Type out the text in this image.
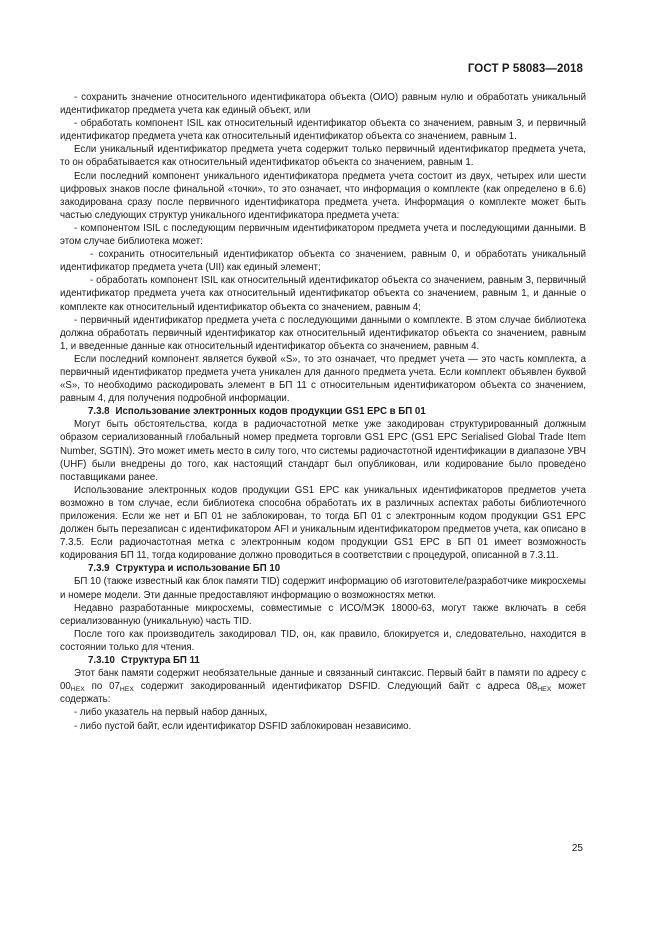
ГОСТ Р 58083—2018

- сохранить значение относительного идентификатора объекта (ОИО) равным нулю и обработать уникальный идентификатор предмета учета как единый объект, или

- обработать компонент ISIL как относительный идентификатор объекта со значением, равным 3, и первичный идентификатор предмета учета как относительный идентификатор объекта со значением, равным 1.

Если уникальный идентификатор предмета учета содержит только первичный идентификатор предмета учета, то он обрабатывается как относительный идентификатор объекта со значением, равным 1.

Если последний компонент уникального идентификатора предмета учета состоит из двух, четырех или шести цифровых знаков после финальной «точки», то это означает, что информация о комплекте (как определено в 6.6) закодирована сразу после первичного идентификатора предмета учета. Информация о комплекте может быть частью следующих структур уникального идентификатора предмета учета:

- компонентом ISIL с последующим первичным идентификатором предмета учета и последующими данными. В этом случае библиотека может:

- сохранить относительный идентификатор объекта со значением, равным 0, и обработать уникальный идентификатор предмета учета (UII) как единый элемент;

- обработать компонент ISIL как относительный идентификатор объекта со значением, равным 3, первичный идентификатор предмета учета как относительный идентификатор объекта со значением, равным 1, и данные о комплекте как относительный идентификатор объекта со значением, равным 4;

- первичный идентификатор предмета учета с последующими данными о комплекте. В этом случае библиотека должна обработать первичный идентификатор как относительный идентификатор объекта со значением, равным 1, и введенные данные как относительный идентификатор объекта со значением, равным 4.

Если последний компонент является буквой «S», то это означает, что предмет учета — это часть комплекта, а первичный идентификатор предмета учета уникален для данного предмета учета. Если комплект объявлен буквой «S», то необходимо раскодировать элемент в БП 11 с относительным идентификатором объекта со значением, равным 4, для получения подробной информации.

7.3.8 Использование электронных кодов продукции GS1 EPC в БП 01

Могут быть обстоятельства, когда в радиочастотной метке уже закодирован структурированный должным образом сериализованный глобальный номер предмета торговли GS1 EPC (GS1 EPC Serialised Global Trade Item Number, SGTIN). Это может иметь место в силу того, что системы радиочастотной идентификации в диапазоне УВЧ (UHF) были внедрены до того, как настоящий стандарт был опубликован, или кодирование было проведено поставщиками ранее.

Использование электронных кодов продукции GS1 EPC как уникальных идентификаторов предметов учета возможно в том случае, если библиотека способна обработать их в различных аспектах работы библиотечного приложения. Если же нет и БП 01 не заблокирован, то тогда БП 01 с электронным кодом продукции GS1 EPC должен быть перезаписан с идентификатором AFI и уникальным идентификатором предметов учета, как описано в 7.3.5. Если радиочастотная метка с электронным кодом продукции GS1 EPC в БП 01 имеет возможность кодирования БП 11, тогда кодирование должно проводиться в соответствии с процедурой, описанной в 7.3.11.

7.3.9 Структура и использование БП 10

БП 10 (также известный как блок памяти TID) содержит информацию об изготовителе/разработчике микросхемы и номере модели. Эти данные предоставляют информацию о возможностях метки.

Недавно разработанные микросхемы, совместимые с ИСО/МЭК 18000-63, могут также включать в себя сериализованную (уникальную) часть TID.

После того как производитель закодировал TID, он, как правило, блокируется и, следовательно, находится в состоянии только для чтения.

7.3.10 Структура БП 11

Этот банк памяти содержит необязательные данные и связанный синтаксис. Первый байт в памяти по адресу с $00_{HEX}$ по $07_{HEX}$ содержит закодированный идентификатор DSFID. Следующий байт с адреса $08_{HEX}$ может содержать:

- либо указатель на первый набор данных,

- либо пустой байт, если идентификатор DSFID заблокирован независимо.

25
